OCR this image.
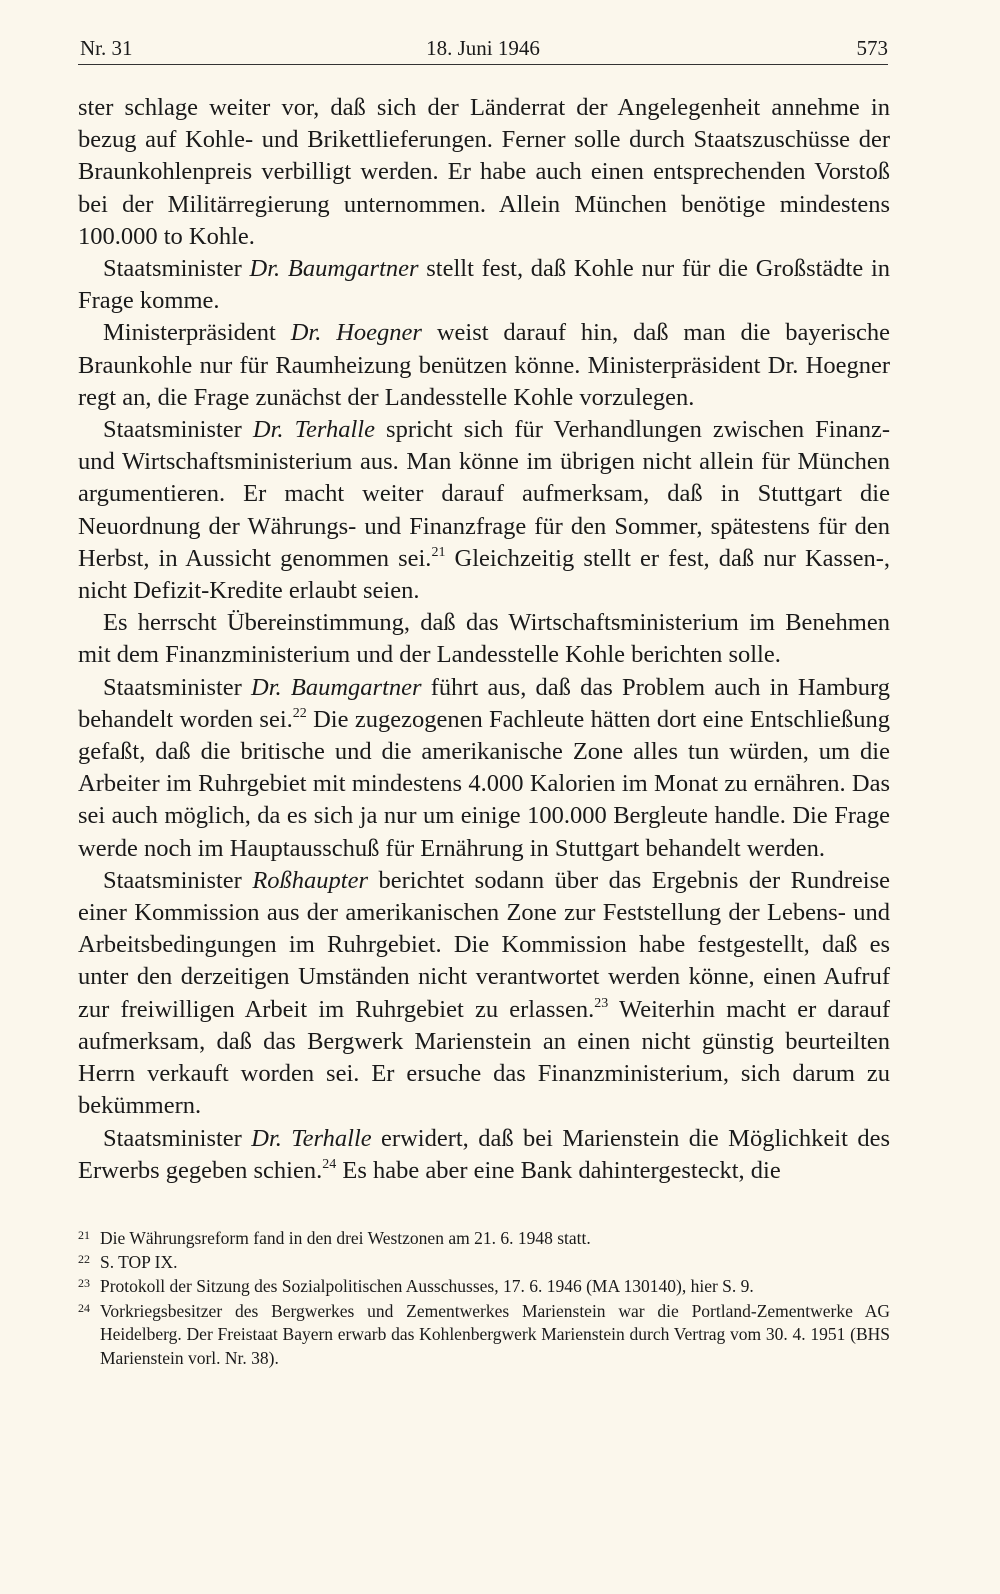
Nr. 31	18. Juni 1946	573

ster schlage weiter vor, daß sich der Länderrat der Angelegenheit annehme in bezug auf Kohle- und Brikettlieferungen. Ferner solle durch Staatszuschüsse der Braunkohlenpreis verbilligt werden. Er habe auch einen entsprechenden Vorstoß bei der Militärregierung unternommen. Allein München benötige mindestens 100.000 to Kohle.

Staatsminister Dr. Baumgartner stellt fest, daß Kohle nur für die Großstädte in Frage komme.

Ministerpräsident Dr. Hoegner weist darauf hin, daß man die bayerische Braunkohle nur für Raumheizung benützen könne. Ministerpräsident Dr. Hoegner regt an, die Frage zunächst der Landesstelle Kohle vorzulegen.

Staatsminister Dr. Terhalle spricht sich für Verhandlungen zwischen Finanz- und Wirtschaftsministerium aus. Man könne im übrigen nicht allein für München argumentieren. Er macht weiter darauf aufmerksam, daß in Stuttgart die Neuordnung der Währungs- und Finanzfrage für den Sommer, spätestens für den Herbst, in Aussicht genommen sei.$^{21}$ Gleichzeitig stellt er fest, daß nur Kassen-, nicht Defizit-Kredite erlaubt seien.

Es herrscht Übereinstimmung, daß das Wirtschaftsministerium im Benehmen mit dem Finanzministerium und der Landesstelle Kohle berichten solle.

Staatsminister Dr. Baumgartner führt aus, daß das Problem auch in Hamburg behandelt worden sei.$^{22}$ Die zugezogenen Fachleute hätten dort eine Entschließung gefaßt, daß die britische und die amerikanische Zone alles tun würden, um die Arbeiter im Ruhrgebiet mit mindestens 4.000 Kalorien im Monat zu ernähren. Das sei auch möglich, da es sich ja nur um einige 100.000 Bergleute handle. Die Frage werde noch im Hauptausschuß für Ernährung in Stuttgart behandelt werden.

Staatsminister Roßhaupter berichtet sodann über das Ergebnis der Rundreise einer Kommission aus der amerikanischen Zone zur Feststellung der Lebens- und Arbeitsbedingungen im Ruhrgebiet. Die Kommission habe festgestellt, daß es unter den derzeitigen Umständen nicht verantwortet werden könne, einen Aufruf zur freiwilligen Arbeit im Ruhrgebiet zu erlassen.$^{23}$ Weiterhin macht er darauf aufmerksam, daß das Bergwerk Marienstein an einen nicht günstig beurteilten Herrn verkauft worden sei. Er ersuche das Finanzministerium, sich darum zu bekümmern.

Staatsminister Dr. Terhalle erwidert, daß bei Marienstein die Möglichkeit des Erwerbs gegeben schien.$^{24}$ Es habe aber eine Bank dahintergesteckt, die

21 Die Währungsreform fand in den drei Westzonen am 21. 6. 1948 statt.
22 S. TOP IX.
23 Protokoll der Sitzung des Sozialpolitischen Ausschusses, 17. 6. 1946 (MA 130140), hier S. 9.
24 Vorkriegsbesitzer des Bergwerkes und Zementwerkes Marienstein war die Portland-Zementwerke AG Heidelberg. Der Freistaat Bayern erwarb das Kohlenbergwerk Marienstein durch Vertrag vom 30. 4. 1951 (BHS Marienstein vorl. Nr. 38).
